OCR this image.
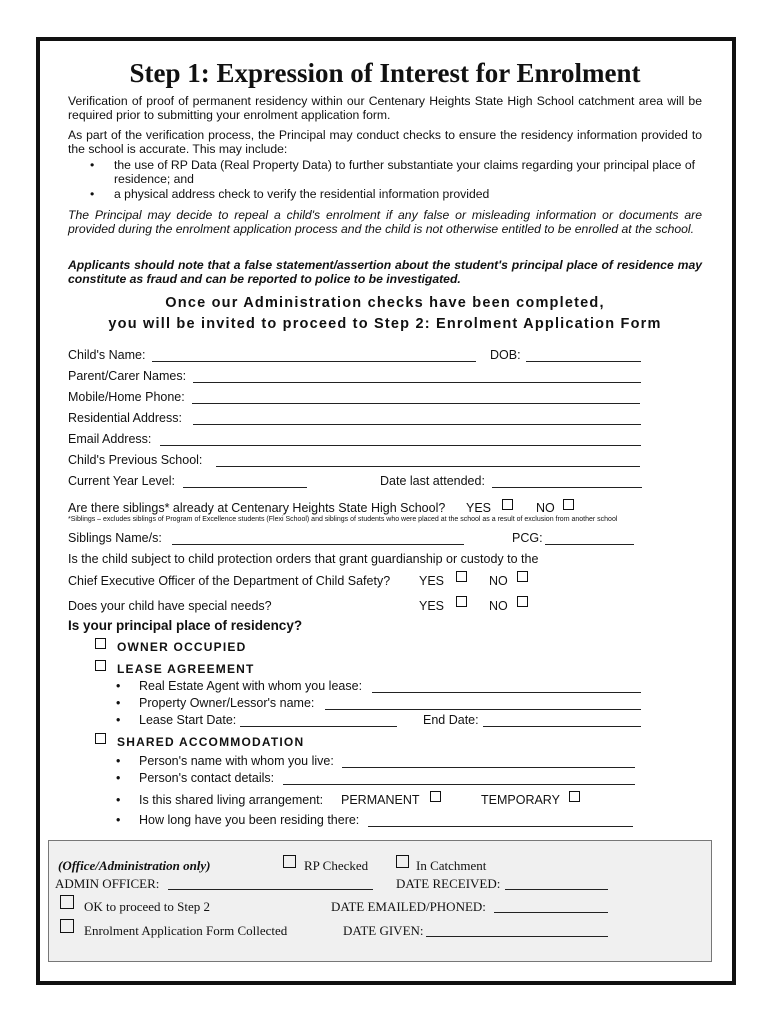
Step 1: Expression of Interest for Enrolment
Verification of proof of permanent residency within our Centenary Heights State High School catchment area will be required prior to submitting your enrolment application form.
As part of the verification process, the Principal may conduct checks to ensure the residency information provided to the school is accurate. This may include:
• the use of RP Data (Real Property Data) to further substantiate your claims regarding your principal place of residence; and
• a physical address check to verify the residential information provided
The Principal may decide to repeal a child's enrolment if any false or misleading information or documents are provided during the enrolment application process and the child is not otherwise entitled to be enrolled at the school.
Applicants should note that a false statement/assertion about the student's principal place of residence may constitute as fraud and can be reported to police to be investigated.
Once our Administration checks have been completed,
you will be invited to proceed to Step 2: Enrolment Application Form
Child's Name:	DOB:
Parent/Carer Names:
Mobile/Home Phone:
Residential Address:
Email Address:
Child's Previous School:
Current Year Level:	Date last attended:
Are there siblings* already at Centenary Heights State High School? YES	NO
*Siblings – excludes siblings of Program of Excellence students (Flexi School) and siblings of students who were placed at the school as a result of exclusion from another school
Siblings Name/s:	PCG:
Is the child subject to child protection orders that grant guardianship or custody to the
Chief Executive Officer of the Department of Child Safety? YES	NO
Does your child have special needs?	YES	NO
Is your principal place of residency?
OWNER OCCUPIED
LEASE AGREEMENT
• Real Estate Agent with whom you lease:
• Property Owner/Lessor's name:
• Lease Start Date:	End Date:
SHARED ACCOMMODATION
• Person's name with whom you live:
• Person's contact details:
• Is this shared living arrangement: PERMANENT	TEMPORARY
• How long have you been residing there:
(Office/Administration only)	RP Checked	In Catchment
ADMIN OFFICER:	DATE RECEIVED:
OK to proceed to Step 2	DATE EMAILED/PHONED:
Enrolment Application Form Collected	DATE GIVEN:
